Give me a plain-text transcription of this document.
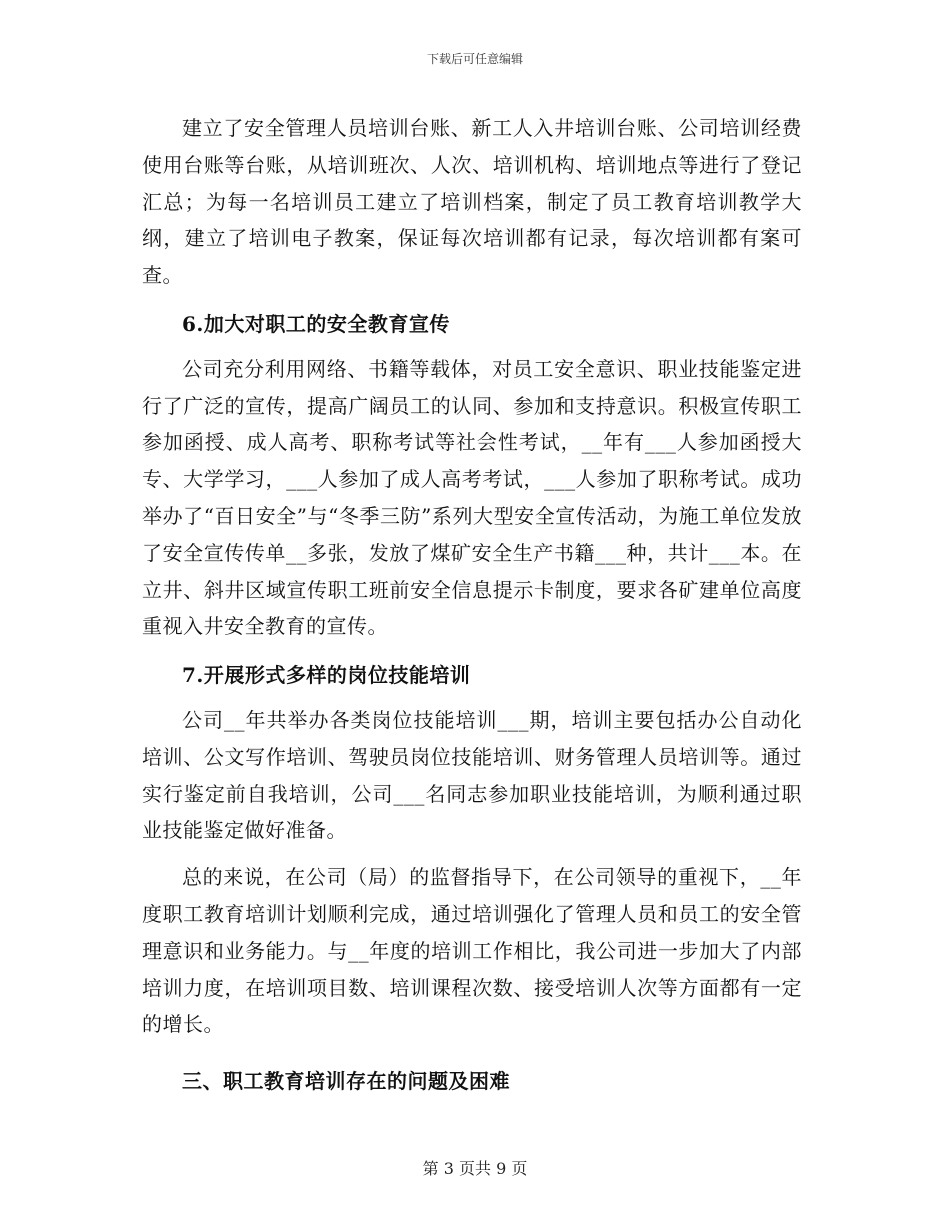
下载后可任意编辑

建立了安全管理人员培训台账、新工人入井培训台账、公司培训经费使用台账等台账，从培训班次、人次、培训机构、培训地点等进行了登记汇总；为每一名培训员工建立了培训档案，制定了员工教育培训教学大纲，建立了培训电子教案，保证每次培训都有记录，每次培训都有案可查。

6.加大对职工的安全教育宣传

公司充分利用网络、书籍等载体，对员工安全意识、职业技能鉴定进行了广泛的宣传，提高广阔员工的认同、参加和支持意识。积极宣传职工参加函授、成人高考、职称考试等社会性考试，__年有___人参加函授大专、大学学习，___人参加了成人高考考试，___人参加了职称考试。成功举办了“百日安全”与“冬季三防”系列大型安全宣传活动，为施工单位发放了安全宣传传单__多张，发放了煤矿安全生产书籍___种，共计___本。在立井、斜井区域宣传职工班前安全信息提示卡制度，要求各矿建单位高度重视入井安全教育的宣传。

7.开展形式多样的岗位技能培训

公司__年共举办各类岗位技能培训___期，培训主要包括办公自动化培训、公文写作培训、驾驶员岗位技能培训、财务管理人员培训等。通过实行鉴定前自我培训，公司___名同志参加职业技能培训，为顺利通过职业技能鉴定做好准备。

总的来说，在公司（局）的监督指导下，在公司领导的重视下，__年度职工教育培训计划顺利完成，通过培训强化了管理人员和员工的安全管理意识和业务能力。与__年度的培训工作相比，我公司进一步加大了内部培训力度，在培训项目数、培训课程次数、接受培训人次等方面都有一定的增长。

三、职工教育培训存在的问题及困难

第 3 页共 9 页
